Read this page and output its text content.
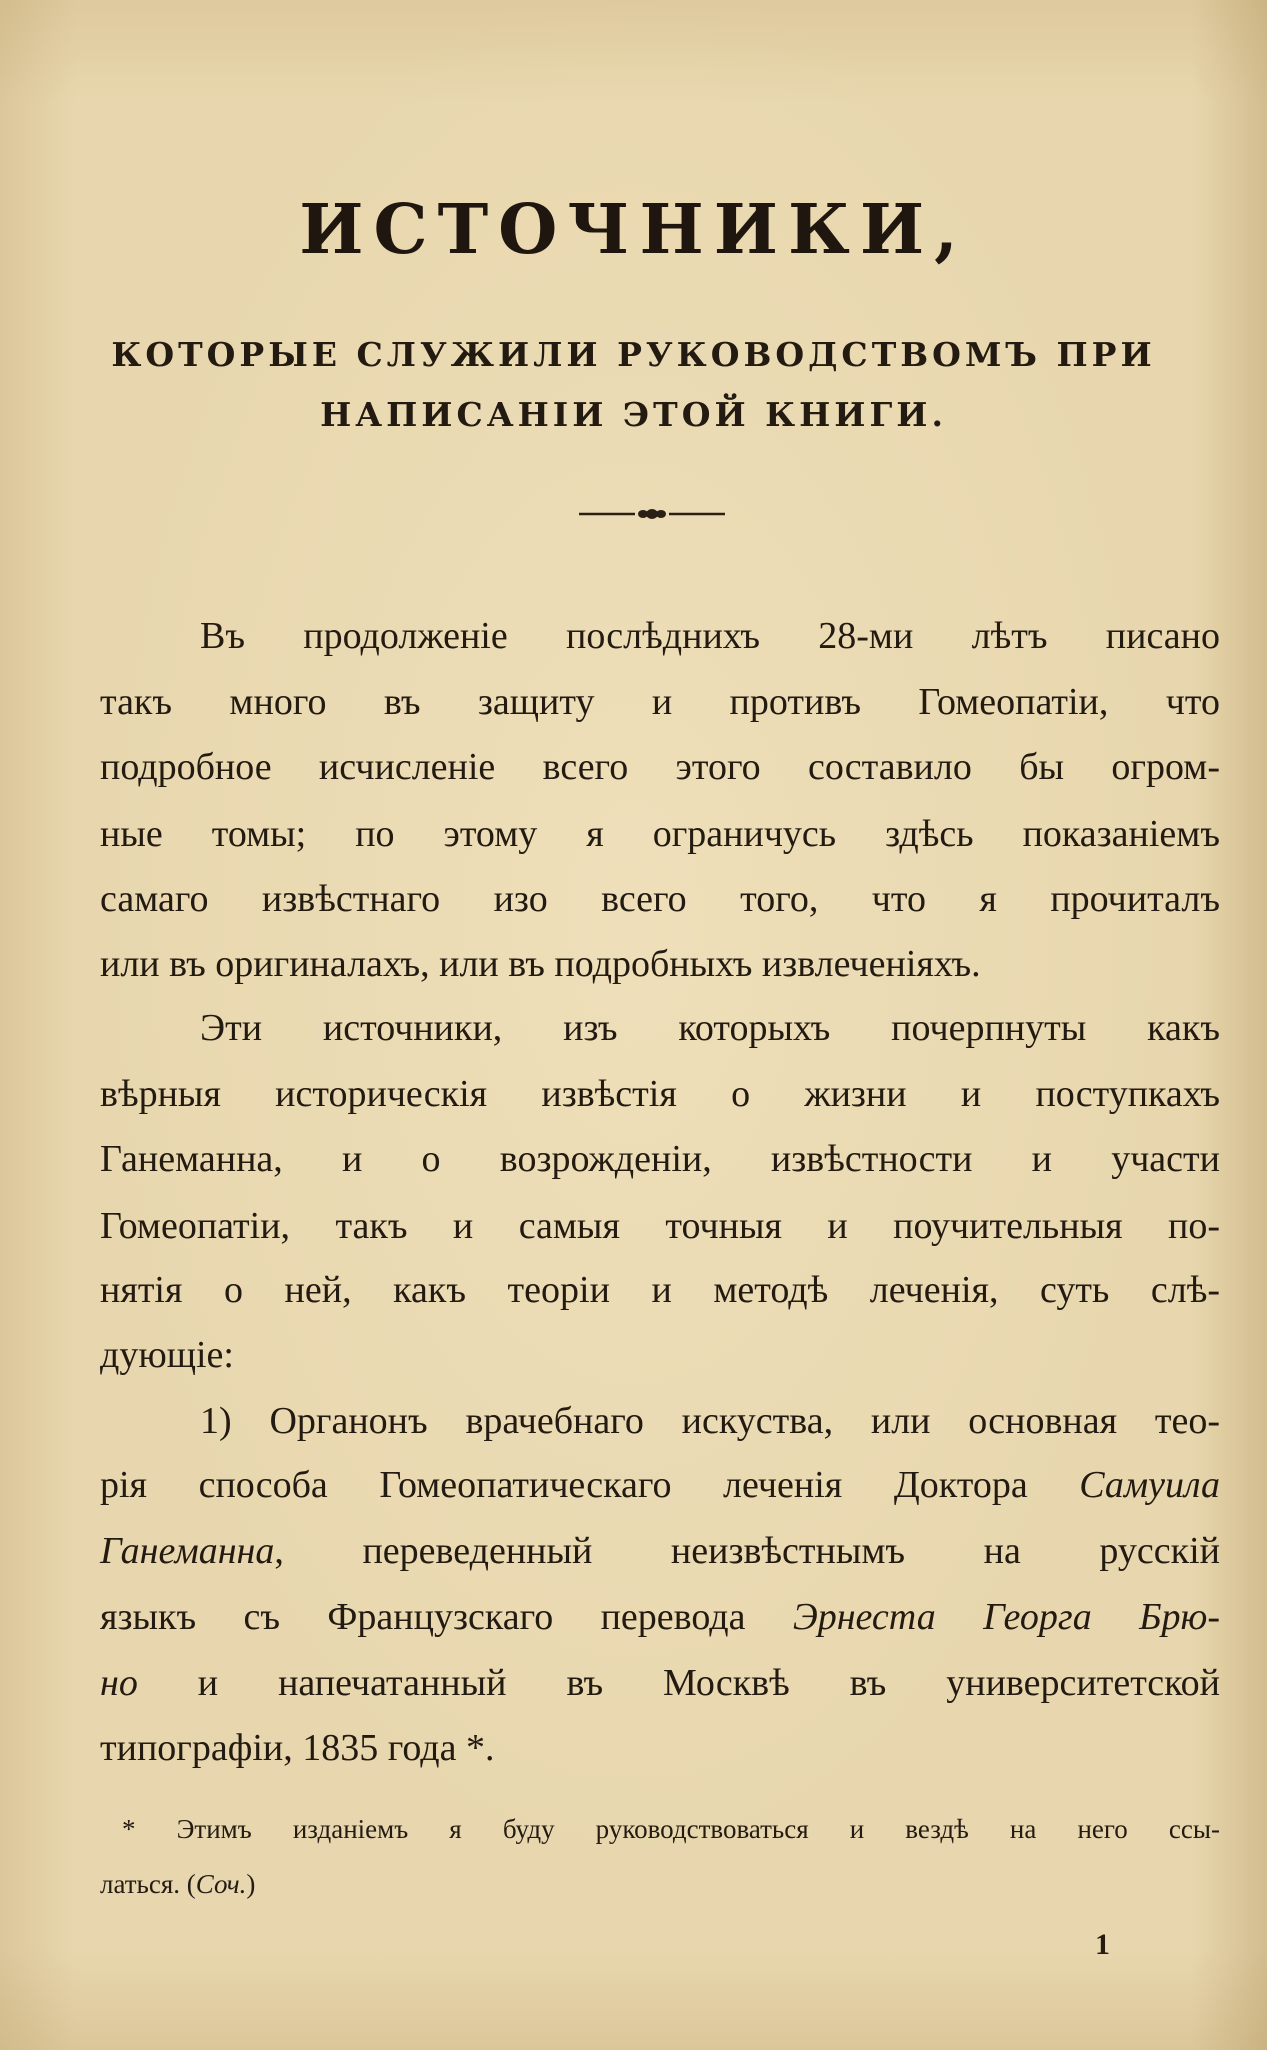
ИСТОЧНИКИ,
КОТОРЫЕ СЛУЖИЛИ РУКОВОДСТВОМЪ ПРИ
НАПИСАНІИ ЭТОЙ КНИГИ.
Въ продолженіе послѣднихъ 28-ми лѣтъ писано
такъ много въ защиту и противъ Гомеопатіи, что
подробное исчисленіе всего этого составило бы огром-
ные томы; по этому я ограничусь здѣсь показаніемъ
самаго извѣстнаго изо всего того, что я прочиталъ
или въ оригиналахъ, или въ подробныхъ извлеченіяхъ.
Эти источники, изъ которыхъ почерпнуты какъ
вѣрныя историческія извѣстія о жизни и поступкахъ
Ганеманна, и о возрожденіи, извѣстности и участи
Гомеопатіи, такъ и самыя точныя и поучительныя по-
нятія о ней, какъ теоріи и методѣ леченія, суть слѣ-
дующіе:
1) Органонъ врачебнаго искуства, или основная тео-
рія способа Гомеопатическаго леченія Доктора Самуила
Ганеманна, переведенный неизвѣстнымъ на русскій
языкъ съ Французскаго перевода Эрнеста Георга Брю-
но и напечатанный въ Москвѣ въ университетской
типографіи, 1835 года *.
* Этимъ изданіемъ я буду руководствоваться и вездѣ на него ссы-
латься. (Соч.)
1
